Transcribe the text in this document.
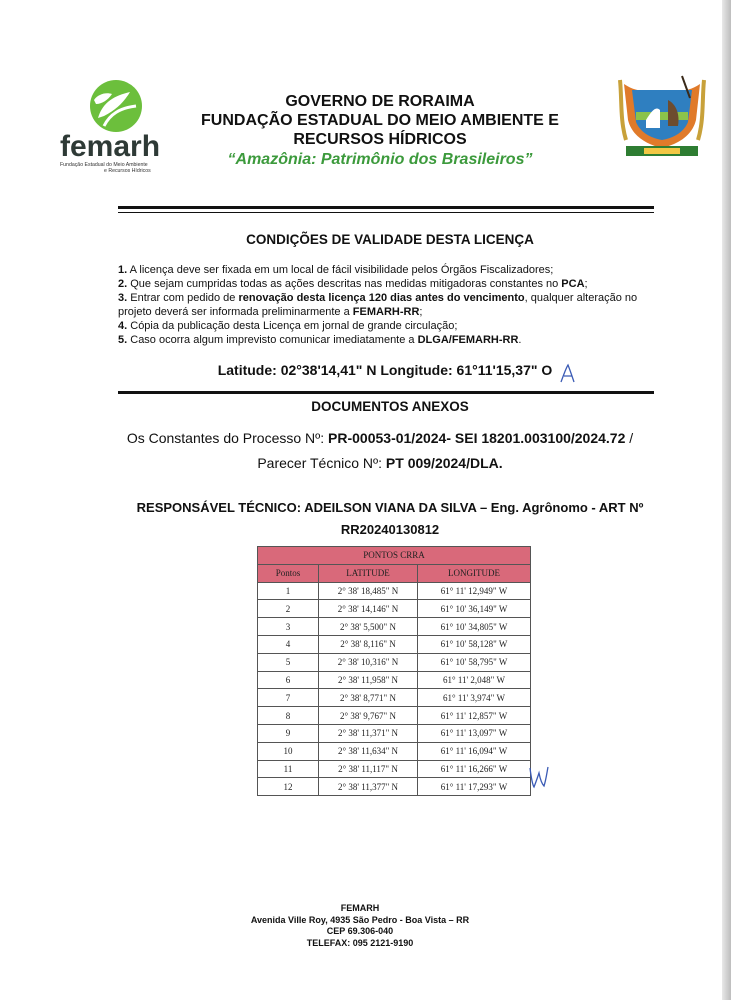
femarh
Fundação Estadual do Meio Ambiente
e Recursos Hídricos
GOVERNO DE RORAIMA
FUNDAÇÃO ESTADUAL DO MEIO AMBIENTE E
RECURSOS HÍDRICOS
“Amazônia: Patrimônio dos Brasileiros”
CONDIÇÕES DE VALIDADE DESTA LICENÇA

1. A licença deve ser fixada em um local de fácil visibilidade pelos Órgãos Fiscalizadores;

2. Que sejam cumpridas todas as ações descritas nas medidas mitigadoras constantes no PCA;

3. Entrar com pedido de renovação desta licença 120 dias antes do vencimento, qualquer alteração no projeto deverá ser informada preliminarmente a FEMARH-RR;

4. Cópia da publicação desta Licença em jornal de grande circulação;

5. Caso ocorra algum imprevisto comunicar imediatamente a DLGA/FEMARH-RR.

Latitude: 02°38'14,41" N Longitude: 61°11'15,37" O
DOCUMENTOS ANEXOS
Os Constantes do Processo Nº: PR-00053-01/2024- SEI 18201.003100/2024.72 /
Parecer Técnico Nº: PT 009/2024/DLA.
RESPONSÁVEL TÉCNICO: ADEILSON VIANA DA SILVA – Eng. Agrônomo - ART Nº
RR20240130812
PONTOS CRRA		
Pontos	LATITUDE	LONGITUDE
1	2° 38' 18,485" N	61° 11' 12,949" W
2	2° 38' 14,146" N	61° 10' 36,149" W
3	2° 38' 5,500" N	61° 10' 34,805" W
4	2° 38' 8,116" N	61° 10' 58,128" W
5	2° 38' 10,316" N	61° 10' 58,795" W
6	2° 38' 11,958" N	61° 11' 2,048" W
7	2° 38' 8,771" N	61° 11' 3,974" W
8	2° 38' 9,767" N	61° 11' 12,857" W
9	2° 38' 11,371" N	61° 11' 13,097" W
10	2° 38' 11,634" N	61° 11' 16,094" W
11	2° 38' 11,117" N	61° 11' 16,266" W
12	2° 38' 11,377" N	61° 11' 17,293" W
FEMARH
Avenida Ville Roy, 4935 São Pedro - Boa Vista – RR
CEP 69.306-040
TELEFAX: 095 2121-9190
